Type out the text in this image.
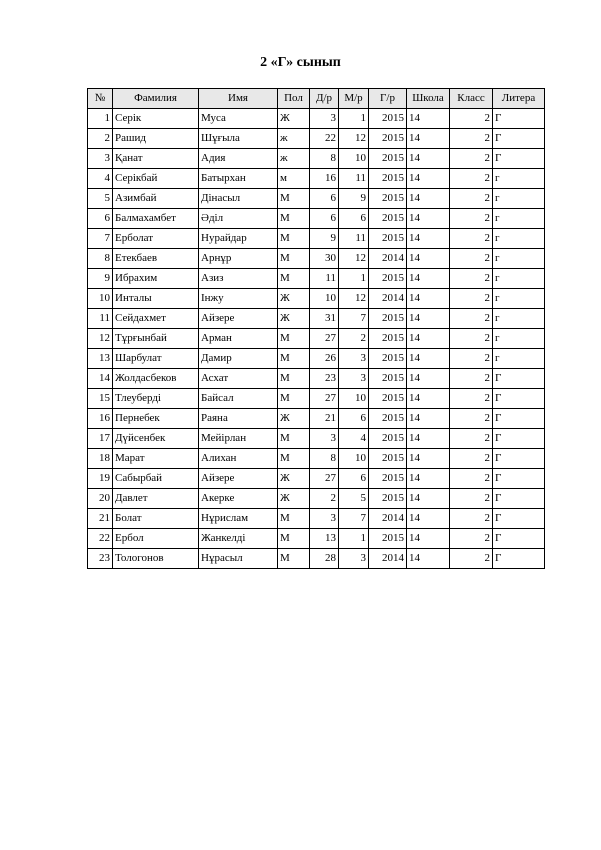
2 «Г» сынып
№	Фамилия	Имя	Пол	Д/р	М/р	Г/р	Школа	Класс	Литера
1	Серік	Муса	Ж	3	1	2015	14	2	Г
2	Рашид	Шұғыла	ж	22	12	2015	14	2	Г
3	Қанат	Адия	ж	8	10	2015	14	2	Г
4	Серікбай	Батырхан	м	16	11	2015	14	2	г
5	Азимбай	Дінасыл	М	6	9	2015	14	2	г
6	Балмахамбет	Әділ	М	6	6	2015	14	2	г
7	Ерболат	Нурайдар	М	9	11	2015	14	2	г
8	Етекбаев	Арнұр	М	30	12	2014	14	2	г
9	Ибрахим	Азиз	М	11	1	2015	14	2	г
10	Инталы	Інжу	Ж	10	12	2014	14	2	г
11	Сейдахмет	Айзере	Ж	31	7	2015	14	2	г
12	Тұрғынбай	Арман	М	27	2	2015	14	2	г
13	Шарбулат	Дамир	М	26	3	2015	14	2	г
14	Жолдасбеков	Асхат	М	23	3	2015	14	2	Г
15	Тлеуберді	Байсал	М	27	10	2015	14	2	Г
16	Пернебек	Раяна	Ж	21	6	2015	14	2	Г
17	Дүйсенбек	Мейірлан	М	3	4	2015	14	2	Г
18	Марат	Алихан	М	8	10	2015	14	2	Г
19	Сабырбай	Айзере	Ж	27	6	2015	14	2	Г
20	Давлет	Акерке	Ж	2	5	2015	14	2	Г
21	Болат	Нұрислам	М	3	7	2014	14	2	Г
22	Ербол	Жанкелді	М	13	1	2015	14	2	Г
23	Тологонов	Нұрасыл	М	28	3	2014	14	2	Г
